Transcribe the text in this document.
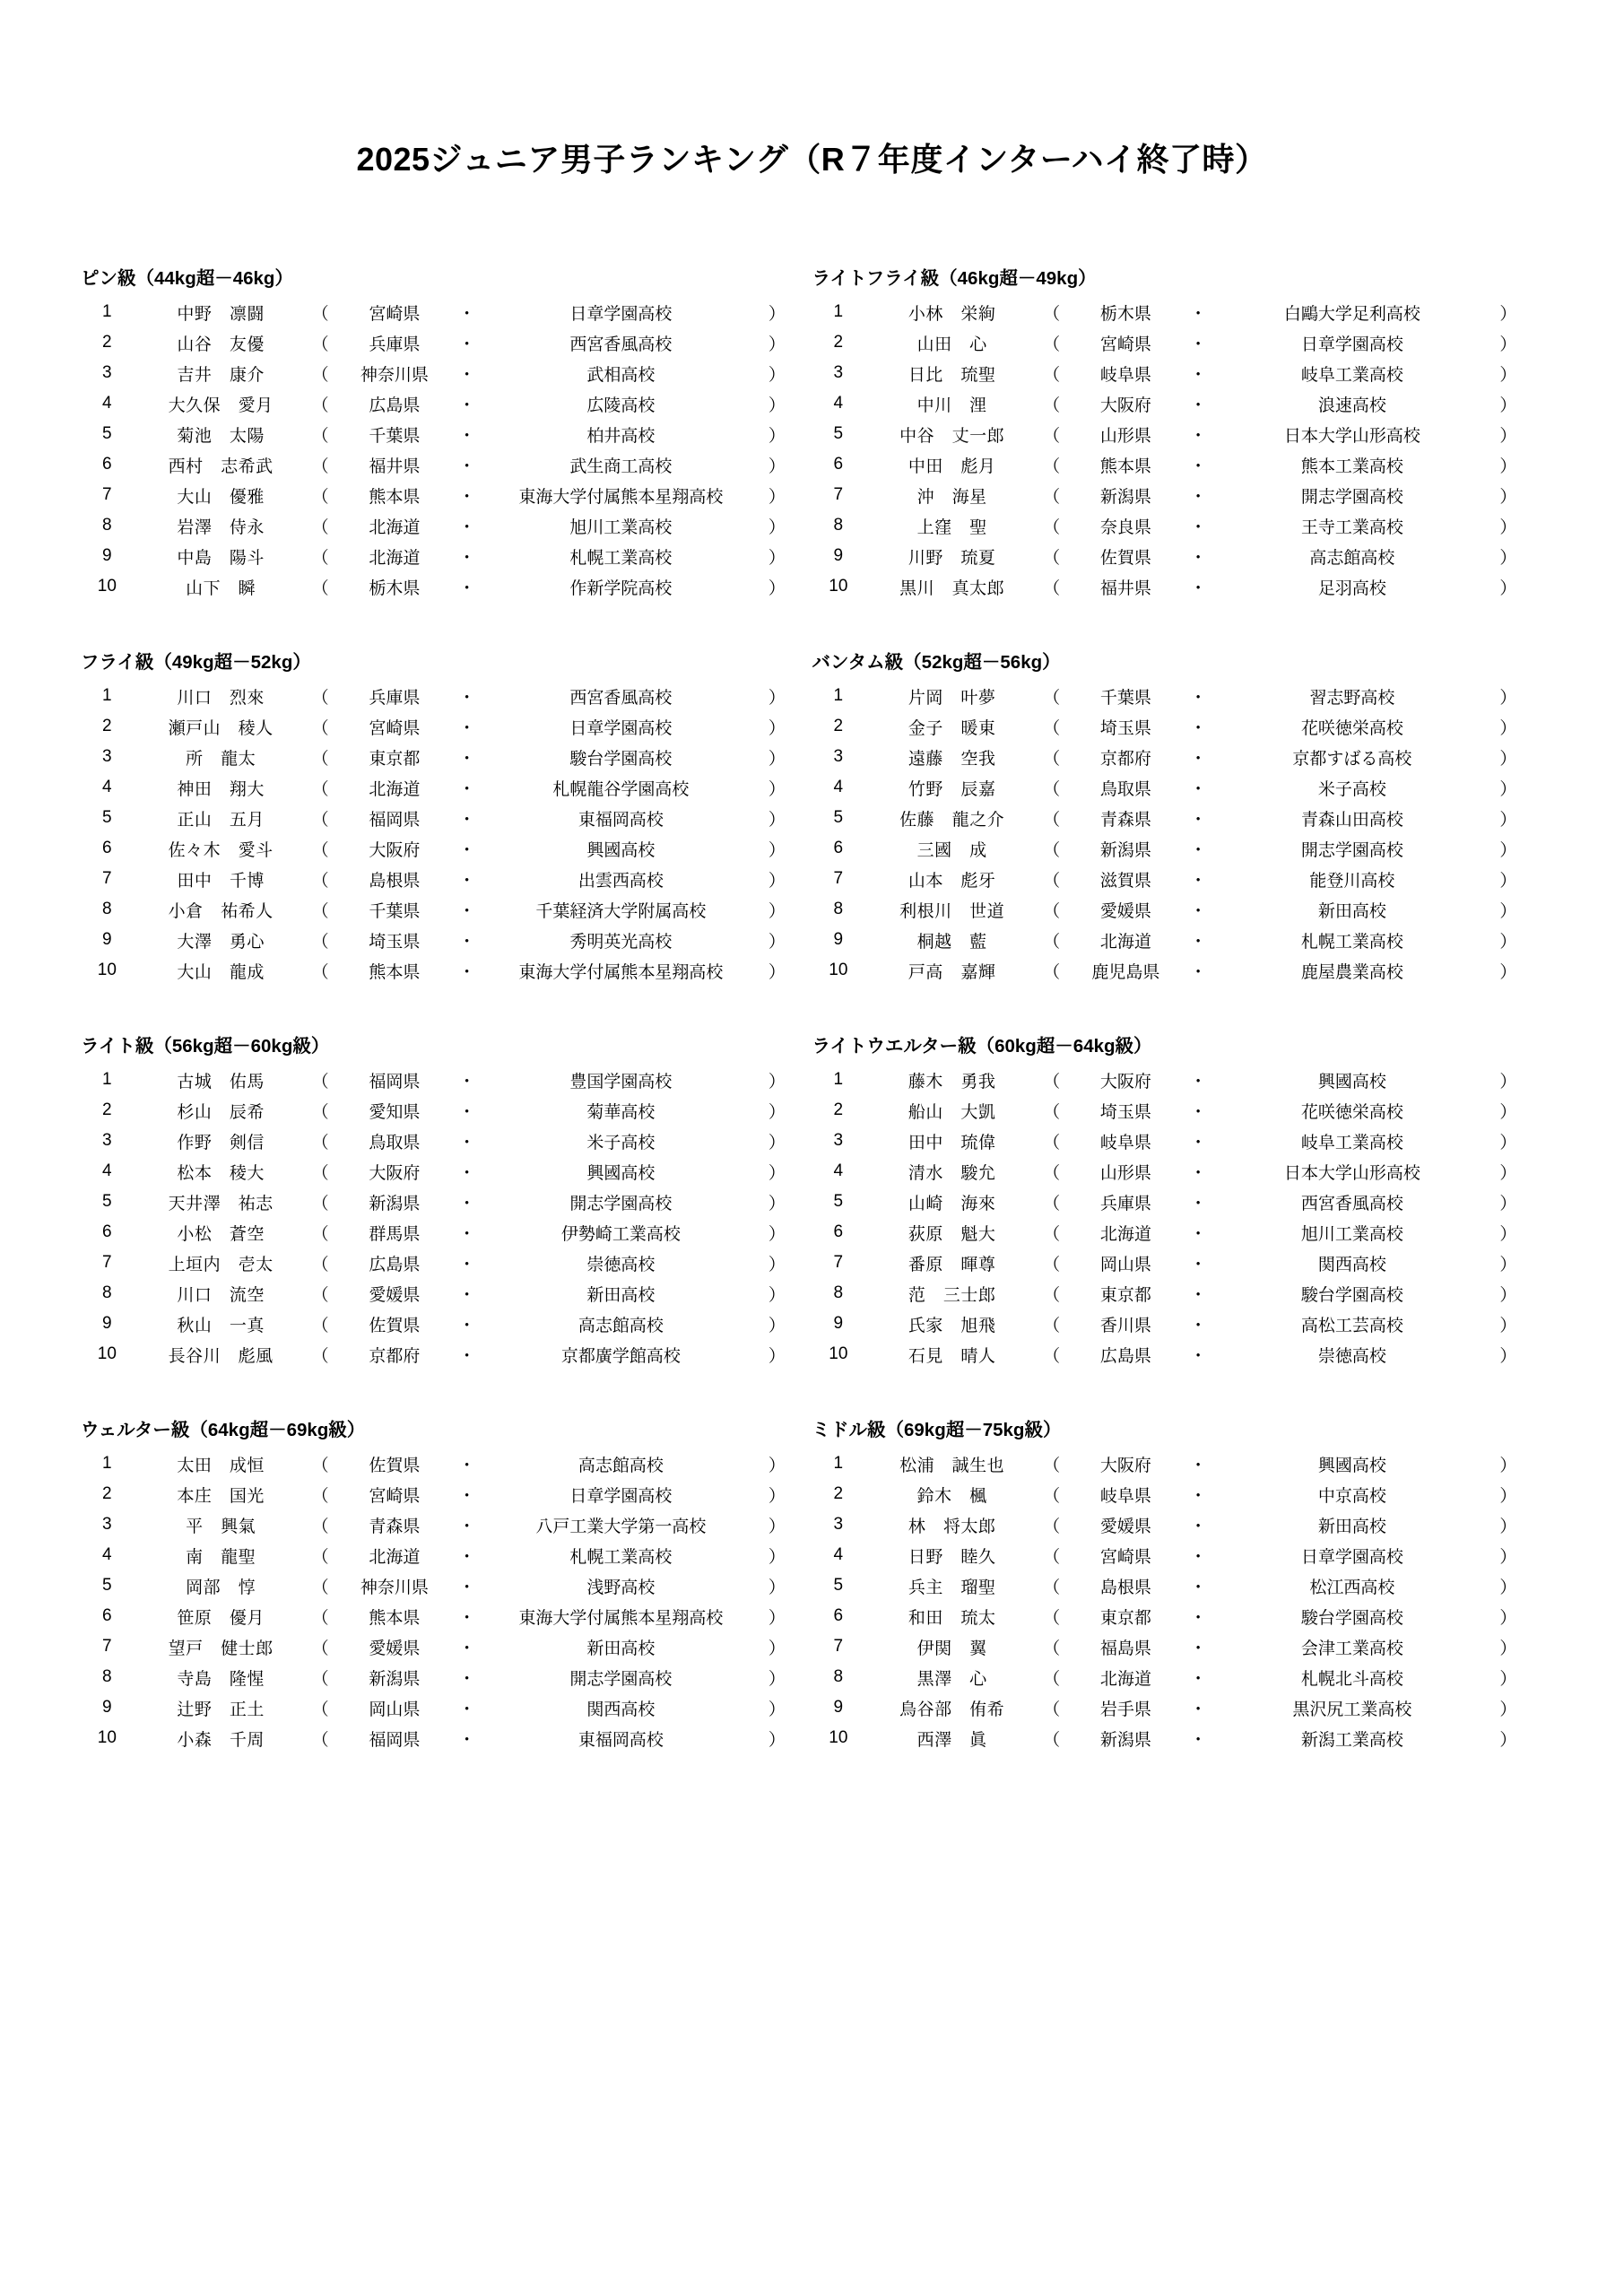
2025ジュニア男子ランキング（R７年度インターハイ終了時）
ピン級（44kg超－46kg）
1	中野　凛闘	（	宮崎県	・	日章学園高校	）
2	山谷　友優	（	兵庫県	・	西宮香風高校	）
3	吉井　康介	（	神奈川県	・	武相高校	）
4	大久保　愛月	（	広島県	・	広陵高校	）
5	菊池　太陽	（	千葉県	・	柏井高校	）
6	西村　志希武	（	福井県	・	武生商工高校	）
7	大山　優雅	（	熊本県	・	東海大学付属熊本星翔高校	）
8	岩澤　侍永	（	北海道	・	旭川工業高校	）
9	中島　陽斗	（	北海道	・	札幌工業高校	）
10	山下　瞬	（	栃木県	・	作新学院高校	）
フライ級（49kg超－52kg）
1	川口　烈來	（	兵庫県	・	西宮香風高校	）
2	瀬戸山　稜人	（	宮崎県	・	日章学園高校	）
3	所　龍太	（	東京都	・	駿台学園高校	）
4	神田　翔大	（	北海道	・	札幌龍谷学園高校	）
5	正山　五月	（	福岡県	・	東福岡高校	）
6	佐々木　愛斗	（	大阪府	・	興國高校	）
7	田中　千博	（	島根県	・	出雲西高校	）
8	小倉　祐希人	（	千葉県	・	千葉経済大学附属高校	）
9	大澤　勇心	（	埼玉県	・	秀明英光高校	）
10	大山　龍成	（	熊本県	・	東海大学付属熊本星翔高校	）
ライト級（56kg超－60kg級）
1	古城　佑馬	（	福岡県	・	豊国学園高校	）
2	杉山　辰希	（	愛知県	・	菊華高校	）
3	作野　剣信	（	鳥取県	・	米子高校	）
4	松本　稜大	（	大阪府	・	興國高校	）
5	天井澤　祐志	（	新潟県	・	開志学園高校	）
6	小松　蒼空	（	群馬県	・	伊勢崎工業高校	）
7	上垣内　壱太	（	広島県	・	崇徳高校	）
8	川口　流空	（	愛媛県	・	新田高校	）
9	秋山　一真	（	佐賀県	・	高志館高校	）
10	長谷川　彪風	（	京都府	・	京都廣学館高校	）
ウェルター級（64kg超－69kg級）
1	太田　成恒	（	佐賀県	・	高志館高校	）
2	本庄　国光	（	宮崎県	・	日章学園高校	）
3	平　興氣	（	青森県	・	八戸工業大学第一高校	）
4	南　龍聖	（	北海道	・	札幌工業高校	）
5	岡部　惇	（	神奈川県	・	浅野高校	）
6	笹原　優月	（	熊本県	・	東海大学付属熊本星翔高校	）
7	望戸　健士郎	（	愛媛県	・	新田高校	）
8	寺島　隆惺	（	新潟県	・	開志学園高校	）
9	辻野　正土	（	岡山県	・	関西高校	）
10	小森　千周	（	福岡県	・	東福岡高校	）
ライトフライ級（46kg超－49kg）
1	小林　栄絢	（	栃木県	・	白鷗大学足利高校	）
2	山田　心	（	宮崎県	・	日章学園高校	）
3	日比　琉聖	（	岐阜県	・	岐阜工業高校	）
4	中川　浬	（	大阪府	・	浪速高校	）
5	中谷　丈一郎	（	山形県	・	日本大学山形高校	）
6	中田　彪月	（	熊本県	・	熊本工業高校	）
7	沖　海星	（	新潟県	・	開志学園高校	）
8	上窪　聖	（	奈良県	・	王寺工業高校	）
9	川野　琉夏	（	佐賀県	・	高志館高校	）
10	黒川　真太郎	（	福井県	・	足羽高校	）
バンタム級（52kg超－56kg）
1	片岡　叶夢	（	千葉県	・	習志野高校	）
2	金子　暖東	（	埼玉県	・	花咲徳栄高校	）
3	遠藤　空我	（	京都府	・	京都すばる高校	）
4	竹野　辰嘉	（	鳥取県	・	米子高校	）
5	佐藤　龍之介	（	青森県	・	青森山田高校	）
6	三國　成	（	新潟県	・	開志学園高校	）
7	山本　彪牙	（	滋賀県	・	能登川高校	）
8	利根川　世道	（	愛媛県	・	新田高校	）
9	桐越　藍	（	北海道	・	札幌工業高校	）
10	戸高　嘉輝	（	鹿児島県	・	鹿屋農業高校	）
ライトウエルター級（60kg超－64kg級）
1	藤木　勇我	（	大阪府	・	興國高校	）
2	船山　大凱	（	埼玉県	・	花咲徳栄高校	）
3	田中　琉偉	（	岐阜県	・	岐阜工業高校	）
4	清水　駿允	（	山形県	・	日本大学山形高校	）
5	山崎　海來	（	兵庫県	・	西宮香風高校	）
6	荻原　魁大	（	北海道	・	旭川工業高校	）
7	番原　暉尊	（	岡山県	・	関西高校	）
8	范　三士郎	（	東京都	・	駿台学園高校	）
9	氏家　旭飛	（	香川県	・	高松工芸高校	）
10	石見　晴人	（	広島県	・	崇徳高校	）
ミドル級（69kg超－75kg級）
1	松浦　誠生也	（	大阪府	・	興國高校	）
2	鈴木　楓	（	岐阜県	・	中京高校	）
3	林　将太郎	（	愛媛県	・	新田高校	）
4	日野　睦久	（	宮崎県	・	日章学園高校	）
5	兵主　瑠聖	（	島根県	・	松江西高校	）
6	和田　琉太	（	東京都	・	駿台学園高校	）
7	伊関　翼	（	福島県	・	会津工業高校	）
8	黒澤　心	（	北海道	・	札幌北斗高校	）
9	鳥谷部　侑希	（	岩手県	・	黒沢尻工業高校	）
10	西澤　眞	（	新潟県	・	新潟工業高校	）
